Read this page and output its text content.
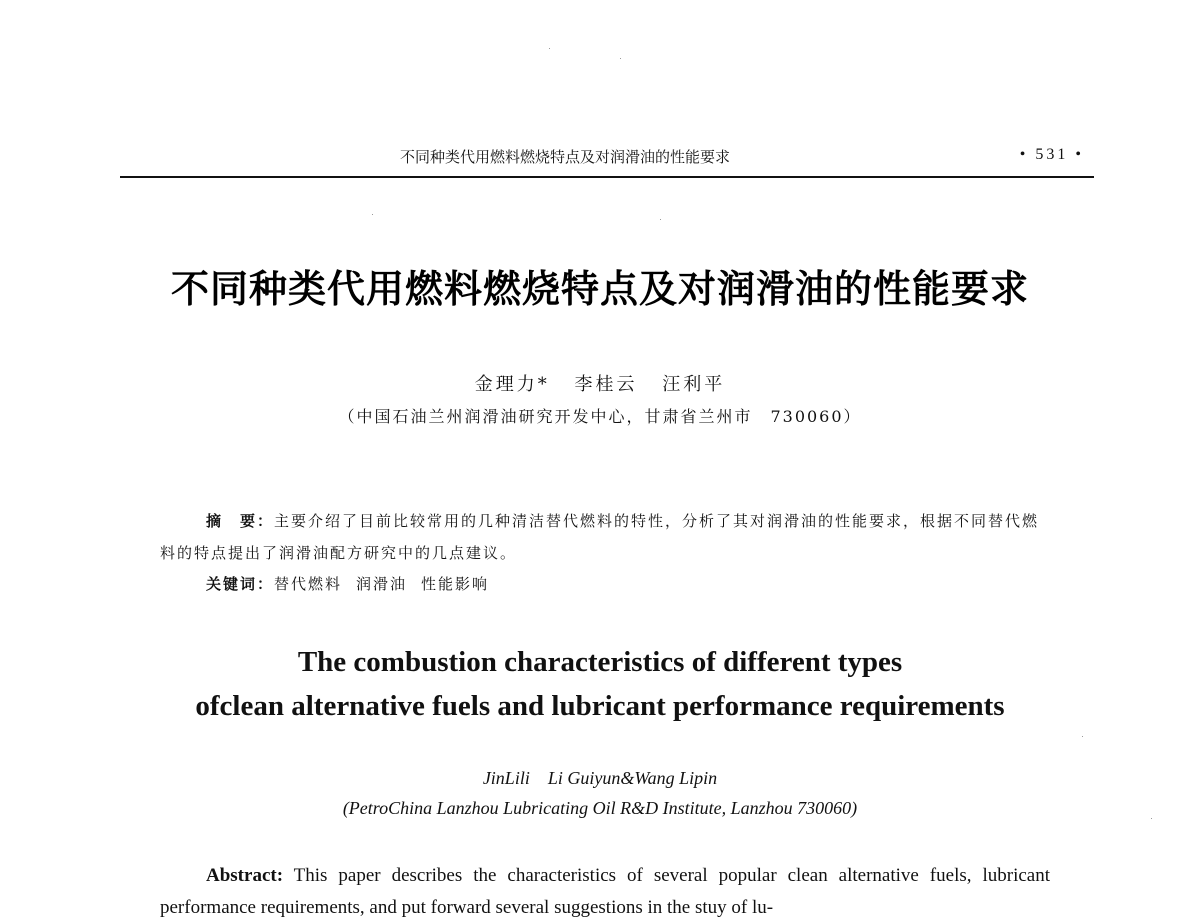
不同种类代用燃料燃烧特点及对润滑油的性能要求	• 531 •
不同种类代用燃料燃烧特点及对润滑油的性能要求
金理力* 李桂云 汪利平
（中国石油兰州润滑油研究开发中心，甘肃省兰州市　730060）
摘　要：主要介绍了目前比较常用的几种清洁替代燃料的特性，分析了其对润滑油的性能要求，根据不同替代燃料的特点提出了润滑油配方研究中的几点建议。
关键词：替代燃料 润滑油 性能影响
The combustion characteristics of different types
ofclean alternative fuels and lubricant performance requirements
JinLili　Li Guiyun&Wang Lipin
(PetroChina Lanzhou Lubricating Oil R&D Institute, Lanzhou 730060)
Abstract: This paper describes the characteristics of several popular clean alternative fuels, lubricant performance requirements, and put forward several suggestions in the stuy of lu-
